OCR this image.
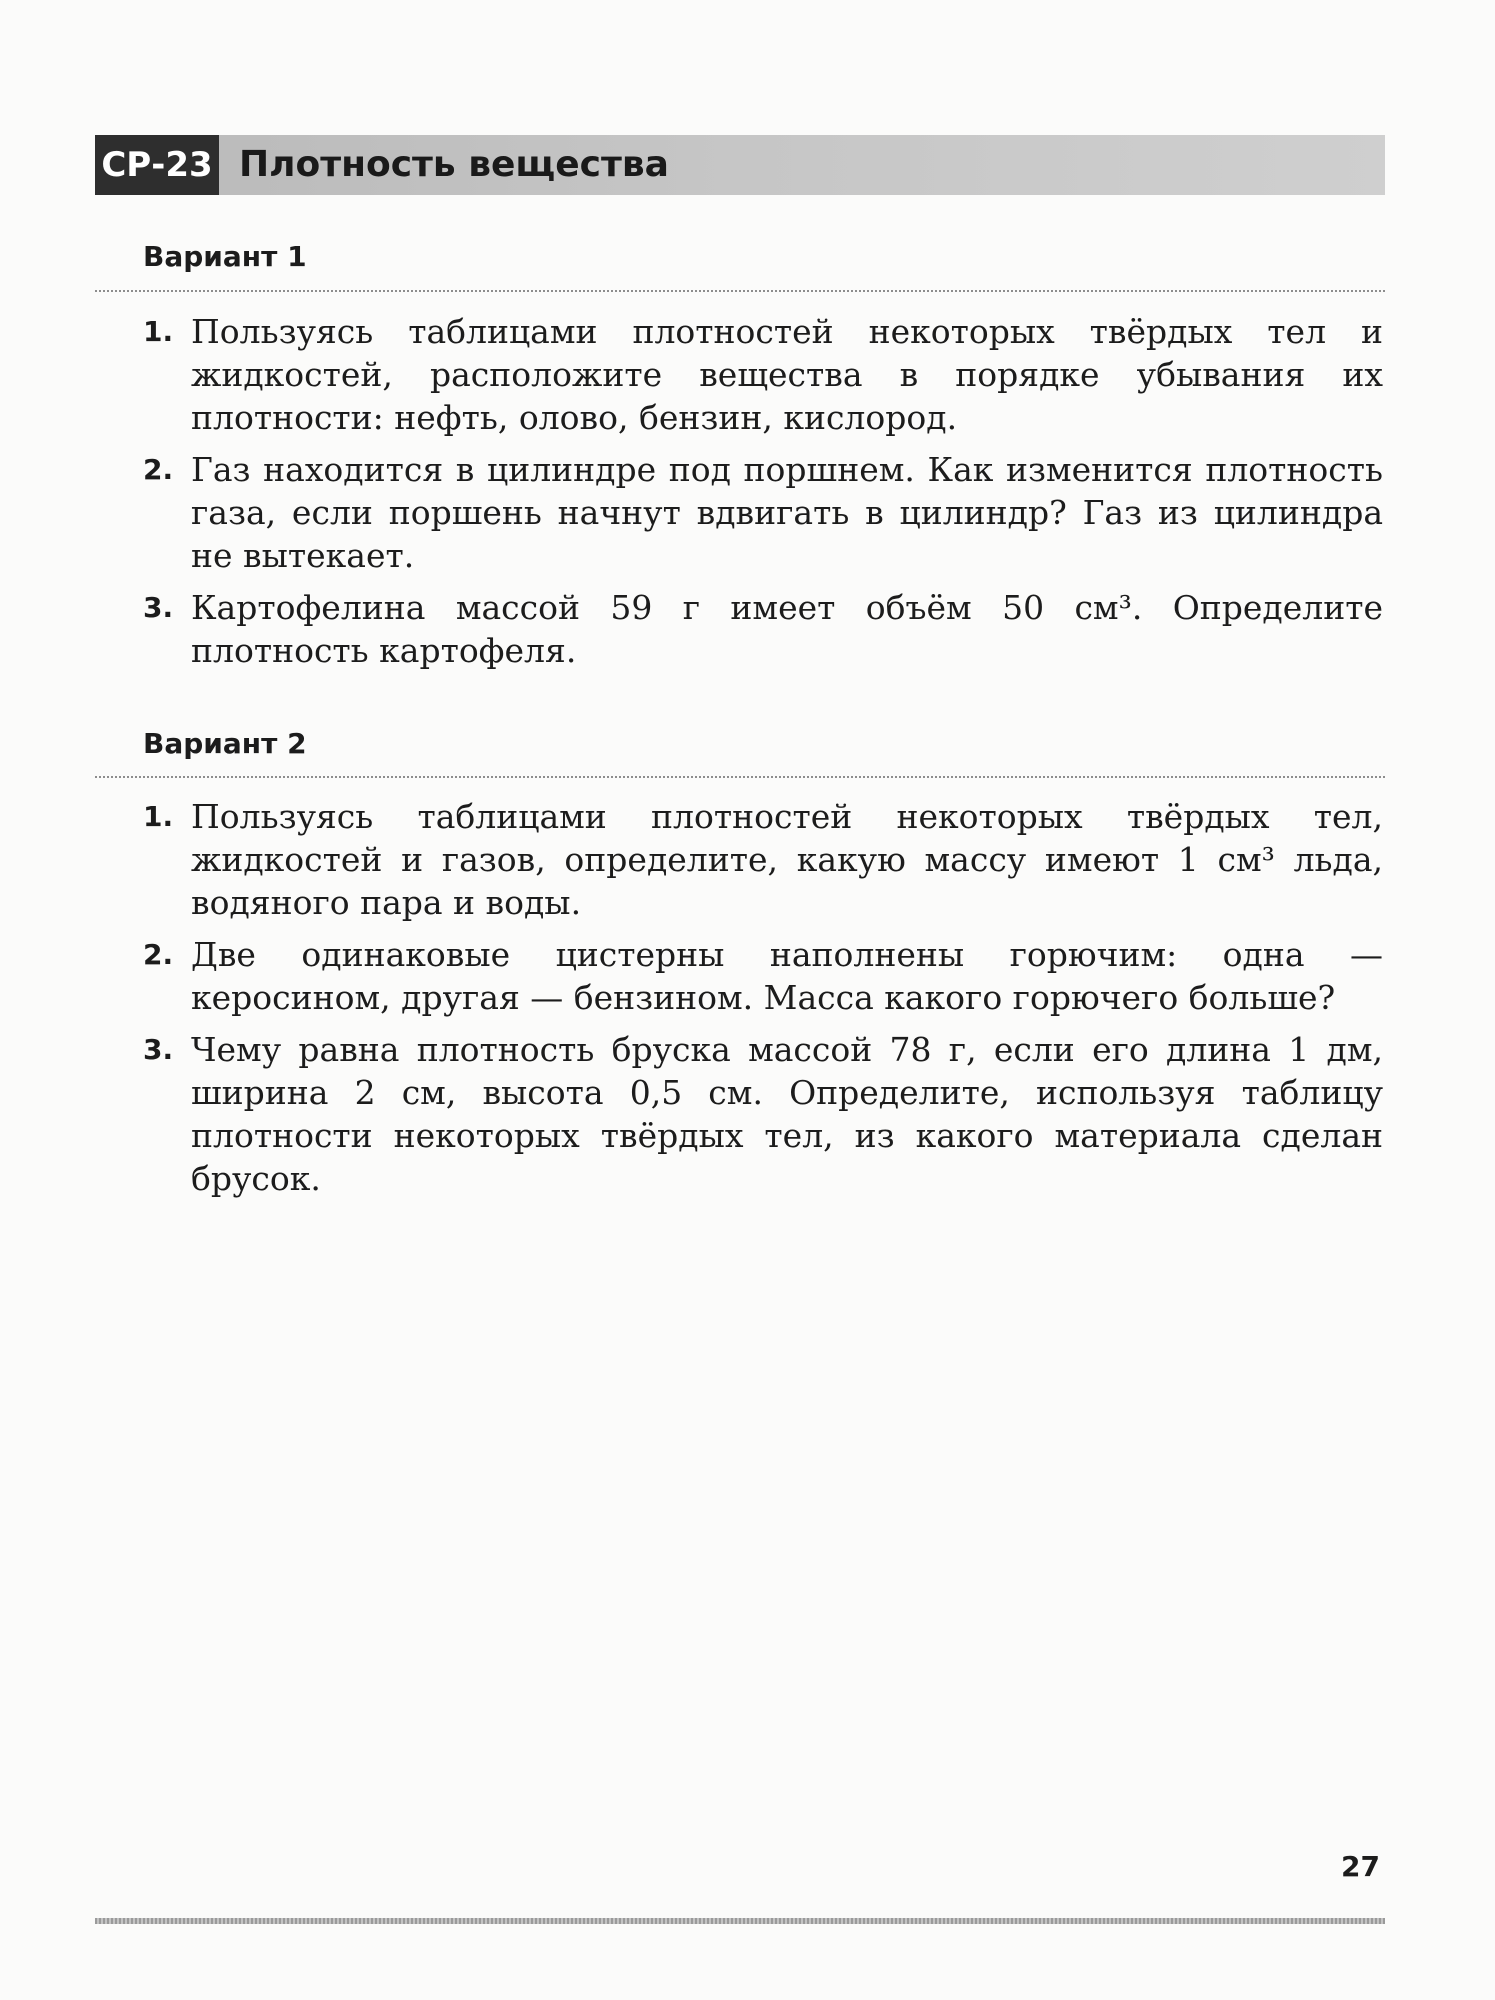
СР-23 Плотность вещества
Вариант 1
1. Пользуясь таблицами плотностей некоторых твёрдых тел и жидкостей, расположите вещества в порядке убывания их плотности: нефть, олово, бензин, кислород.
2. Газ находится в цилиндре под поршнем. Как изменится плотность газа, если поршень начнут вдвигать в цилиндр? Газ из цилиндра не вытекает.
3. Картофелина массой 59 г имеет объём 50 см³. Определите плотность картофеля.
Вариант 2
1. Пользуясь таблицами плотностей некоторых твёрдых тел, жидкостей и газов, определите, какую массу имеют 1 см³ льда, водяного пара и воды.
2. Две одинаковые цистерны наполнены горючим: одна — керосином, другая — бензином. Масса какого горючего больше?
3. Чему равна плотность бруска массой 78 г, если его длина 1 дм, ширина 2 см, высота 0,5 см. Определите, используя таблицу плотности некоторых твёрдых тел, из какого материала сделан брусок.
27
